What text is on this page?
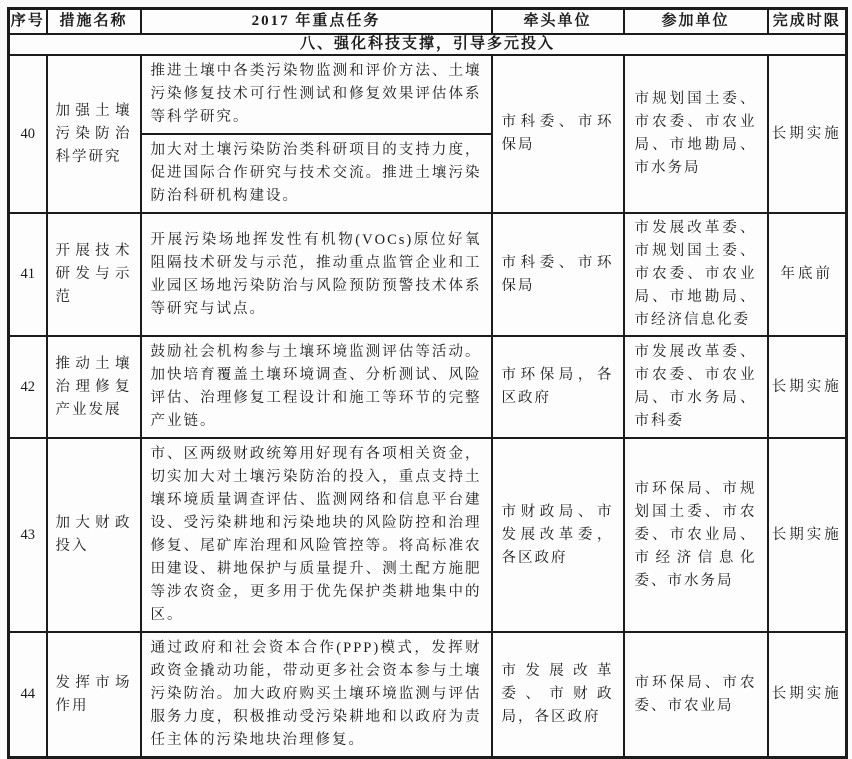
序号	措施名称	2017 年重点任务	牵头单位	参加单位	完成时限
八、强化科技支撑，引导多元投入					
40	加强土壤污染防治科学研究	推进土壤中各类污染物监测和评价方法、土壤污染修复技术可行性测试和修复效果评估体系等科学研究。	市科委、市环保局	市规划国土委、市农委、市农业局、市地勘局、市水务局	长期实施
		加大对土壤污染防治类科研项目的支持力度，促进国际合作研究与技术交流。推进土壤污染防治科研机构建设。			
41	开展技术研发与示范	开展污染场地挥发性有机物(VOCs)原位好氧阻隔技术研发与示范，推动重点监管企业和工业园区场地污染防治与风险预防预警技术体系等研究与试点。	市科委、市环保局	市发展改革委、市规划国土委、市农委、市农业局、市地勘局、市经济信息化委	年底前
42	推动土壤治理修复产业发展	鼓励社会机构参与土壤环境监测评估等活动。加快培育覆盖土壤环境调查、分析测试、风险评估、治理修复工程设计和施工等环节的完整产业链。	市环保局，各区政府	市发展改革委、市农委、市农业局、市水务局、市科委	长期实施
43	加大财政投入	市、区两级财政统筹用好现有各项相关资金，切实加大对土壤污染防治的投入，重点支持土壤环境质量调查评估、监测网络和信息平台建设、受污染耕地和污染地块的风险防控和治理修复、尾矿库治理和风险管控等。将高标准农田建设、耕地保护与质量提升、测土配方施肥等涉农资金，更多用于优先保护类耕地集中的区。	市财政局、市发展改革委，各区政府	市环保局、市规划国土委、市农委、市农业局、市经济信息化委、市水务局	长期实施
44	发挥市场作用	通过政府和社会资本合作(PPP)模式，发挥财政资金撬动功能，带动更多社会资本参与土壤污染防治。加大政府购买土壤环境监测与评估服务力度，积极推动受污染耕地和以政府为责任主体的污染地块治理修复。	市发展改革委、市财政局，各区政府	市环保局、市农委、市农业局	长期实施
